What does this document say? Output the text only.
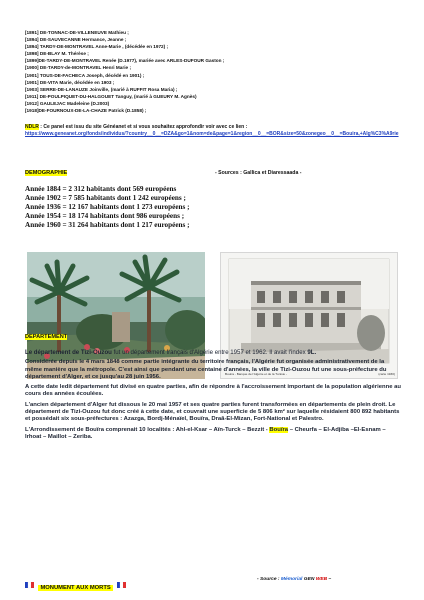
[1891] DE-TONNAC-DE-VILLENEUVE Mathieu ;
[1894] DE-SAUVECANNE Hermance, Jeanne ;
[1894] TARDY-DE-MONTRAVEL Anne-Marie , (décédée en 1972) ;
[1898] DE-BLAY M. Thérèse ;
[1899]DE-TARDY-DE-MONTRAVEL Renée (D.1977), mariée avec ARLES-DUFOUR Gaston ;
[1900] DE-TARDY-de-MONTRAVEL Henri Marie ;
[1901] TOUS-DE-FACHECA Joseph, décédé en 1901) ;
[1901] DE-VITA Marie, décédée en 1903 ;
[1903] SERRE-DE-LANAUZE Joinville, (marié à RUFFIT Rosa Maria) ;
[1911] DE-POULPIQUET-DU-HALGOUET Tanguy, (marié à GUEURY M. Agnès)
[1912] GAULEJAC Madeleine (D.2003)
[1918]DE-FOURNOUX-DE-LA-CHAZE Patrick (D.1858) ;
NDLR : Ce panel est issu du site Généanet et si vous souhaitez approfondir voir avec ce lien :
https://www.geneanet.org/fonds/individus/?country__0__=DZA&go=1&nom=de&page=1&region__0__=BOR&size=50&zonegeo__0__=Bouira,+Alg%C3%A9rie
DEMOGRAPHIE	- Sources : Gallica et Diaressaada -
Année 1884 = 2 312 habitants dont 569 européens
Année 1902 = 7 585 habitants dont 1 242 européens ;
Année 1936 = 12 167 habitants dont 1 273 européens ;
Année 1954 = 18 174 habitants dont 986 européens ;
Année 1960 = 31 264 habitants dont 1 217 européens ;
Bouira - Banque de l'Algérie et de la Tunisie -	(carte 1930)
DEPARTEMENT

Le département de Tizi-Ouzou fut un département français d'Algérie entre 1957 et 1962. Il avait l'index 9L.

Considérée depuis le 4 mars 1848 comme partie intégrante du territoire français, l'Algérie fut organisée administrativement de la même manière que la métropole. C'est ainsi que pendant une centaine d'années, la ville de Tizi-Ouzou fut une sous-préfecture du département d'Alger, et ce jusqu'au 28 juin 1956.

A cette date ledit département fut divisé en quatre parties, afin de répondre à l'accroissement important de la population algérienne au cours des années écoulées.

L'ancien département d'Alger fut dissous le 20 mai 1957 et ses quatre parties furent transformées en départements de plein droit. Le département de Tizi-Ouzou fut donc créé à cette date, et couvrait une superficie de 5 806 km² sur laquelle résidaient 800 892 habitants et possédait six sous-préfectures : Azazga, Bordj-Ménaïel, Bouïra, Draâ-El-Mizan, Fort-National et Palestro.

L'Arrondissement de Bouïra comprenait 10 localités : Ahl-el-Ksar – Aïn-Turck – Bezzit - Bouïra – Cheurfa – El-Adjiba –El-Esnam – Irhoat – Maillot – Zeriba.

MONUMENT AUX MORTS
- Source : Mémorial GEN WEB –
